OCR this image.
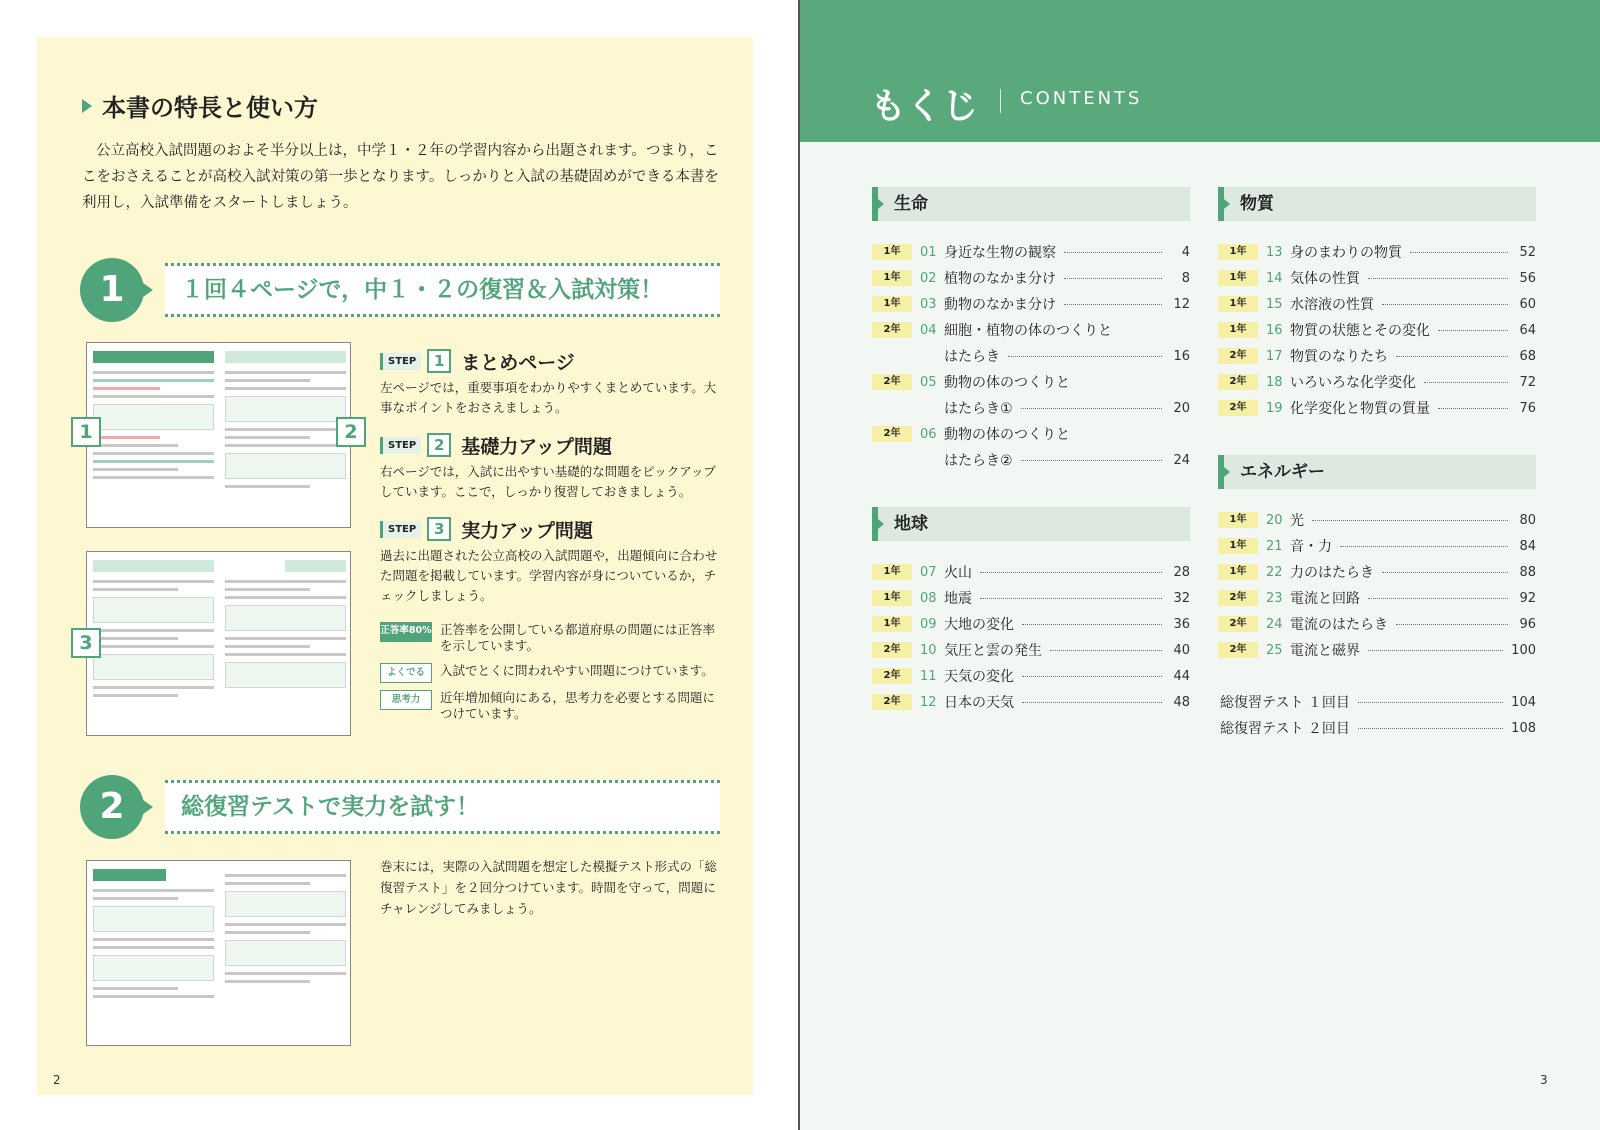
本書の特長と使い方

公立高校入試問題のおよそ半分以上は，中学１・２年の学習内容から出題されます。つまり，ここをおさえることが高校入試対策の第一歩となります。しっかりと入試の基礎固めができる本書を利用し，入試準備をスタートしましょう。

1	１回４ページで，中１・２の復習＆入試対策！
1	2
3
STEP	1 まとめページ

左ページでは，重要事項をわかりやすくまとめています。大事なポイントをおさえましょう。

STEP	2 基礎力アップ問題

右ページでは，入試に出やすい基礎的な問題をピックアップしています。ここで，しっかり復習しておきましょう。

STEP	3 実力アップ問題

過去に出題された公立高校の入試問題や，出題傾向に合わせた問題を掲載しています。学習内容が身についているか，チェックしましょう。

正答率80% 正答率を公開している都道府県の問題には正答率を示しています。
よくでる	入試でとくに問われやすい問題につけています。
思考力	近年増加傾向にある，思考力を必要とする問題につけています。
2	総復習テストで実力を試す！

巻末には，実際の入試問題を想定した模擬テスト形式の「総復習テスト」を２回分つけています。時間を守って，問題にチャレンジしてみましょう。

2
もくじ CONTENTS
生命
1年	01 身近な生物の観察	4
1年	02 植物のなかま分け	8
1年	03 動物のなかま分け	12
2年	04 細胞・植物の体のつくりと
はたらき	16
2年	05 動物の体のつくりと
はたらき①	20
2年	06 動物の体のつくりと
はたらき②	24
地球
1年	07 火山	28
1年	08 地震	32
1年	09 大地の変化	36
2年	10 気圧と雲の発生	40
2年	11 天気の変化	44
2年	12 日本の天気	48
物質
1年	13 身のまわりの物質	52
1年	14 気体の性質	56
1年	15 水溶液の性質	60
1年	16 物質の状態とその変化	64
2年	17 物質のなりたち	68
2年	18 いろいろな化学変化	72
2年	19 化学変化と物質の質量	76
エネルギー
1年	20 光	80
1年	21 音・力	84
1年	22 力のはたらき	88
2年	23 電流と回路	92
2年	24 電流のはたらき	96
2年	25 電流と磁界	100
総復習テスト １回目	104
総復習テスト ２回目	108
3
